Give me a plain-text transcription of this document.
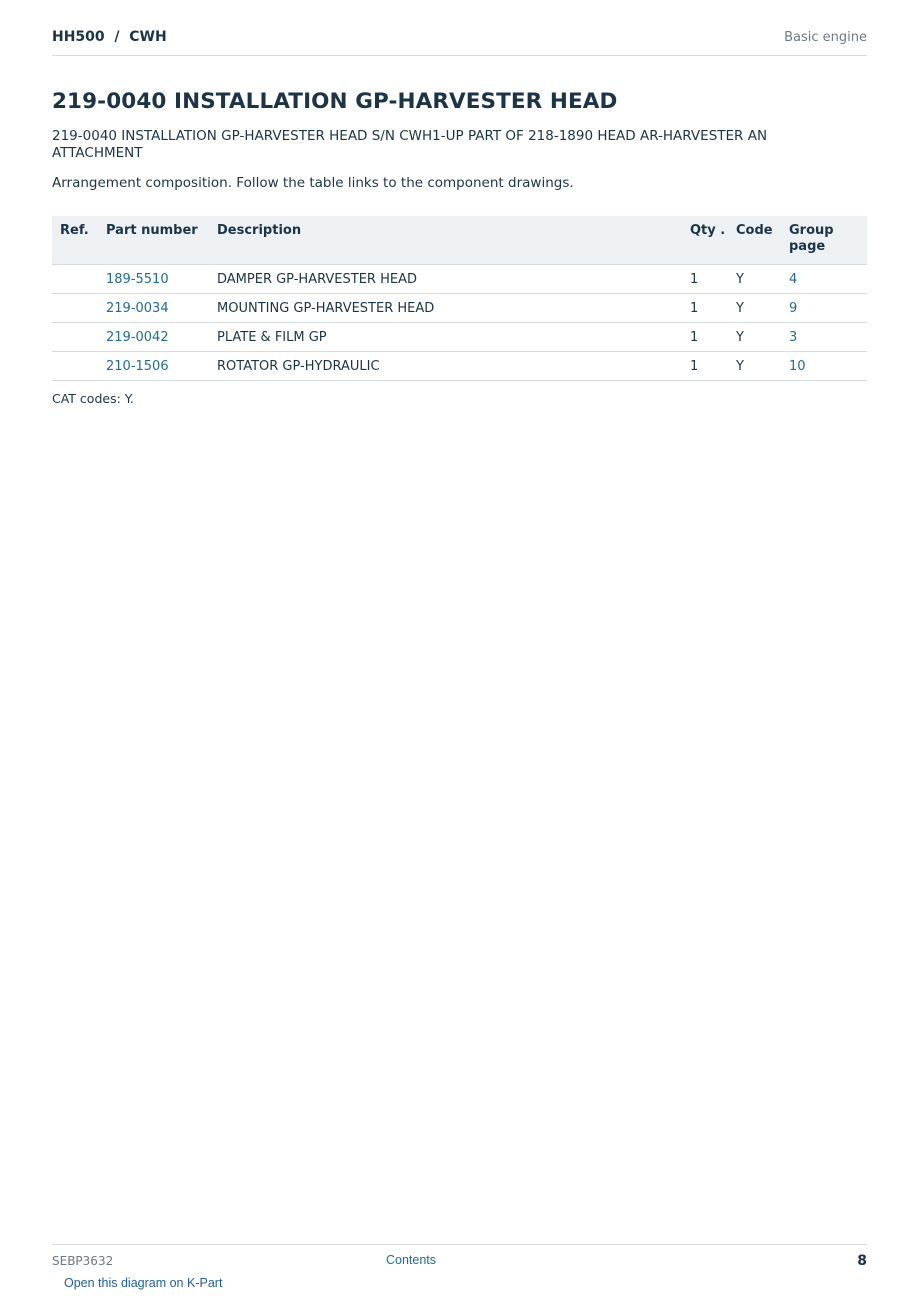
HH500  /  CWH	Basic engine
219-0040 INSTALLATION GP-HARVESTER HEAD
219-0040 INSTALLATION GP-HARVESTER HEAD S/N CWH1-UP PART OF 218-1890 HEAD AR-HARVESTER AN ATTACHMENT
Arrangement composition. Follow the table links to the component drawings.
Ref.	Part number	Description	Qty .	Code	Group page
	189-5510	DAMPER GP-HARVESTER HEAD	1	Y	4
	219-0034	MOUNTING GP-HARVESTER HEAD	1	Y	9
	219-0042	PLATE & FILM GP	1	Y	3
	210-1506	ROTATOR GP-HYDRAULIC	1	Y	10
CAT codes: Y.
SEBP3632	Contents	8
Open this diagram on K-Part
